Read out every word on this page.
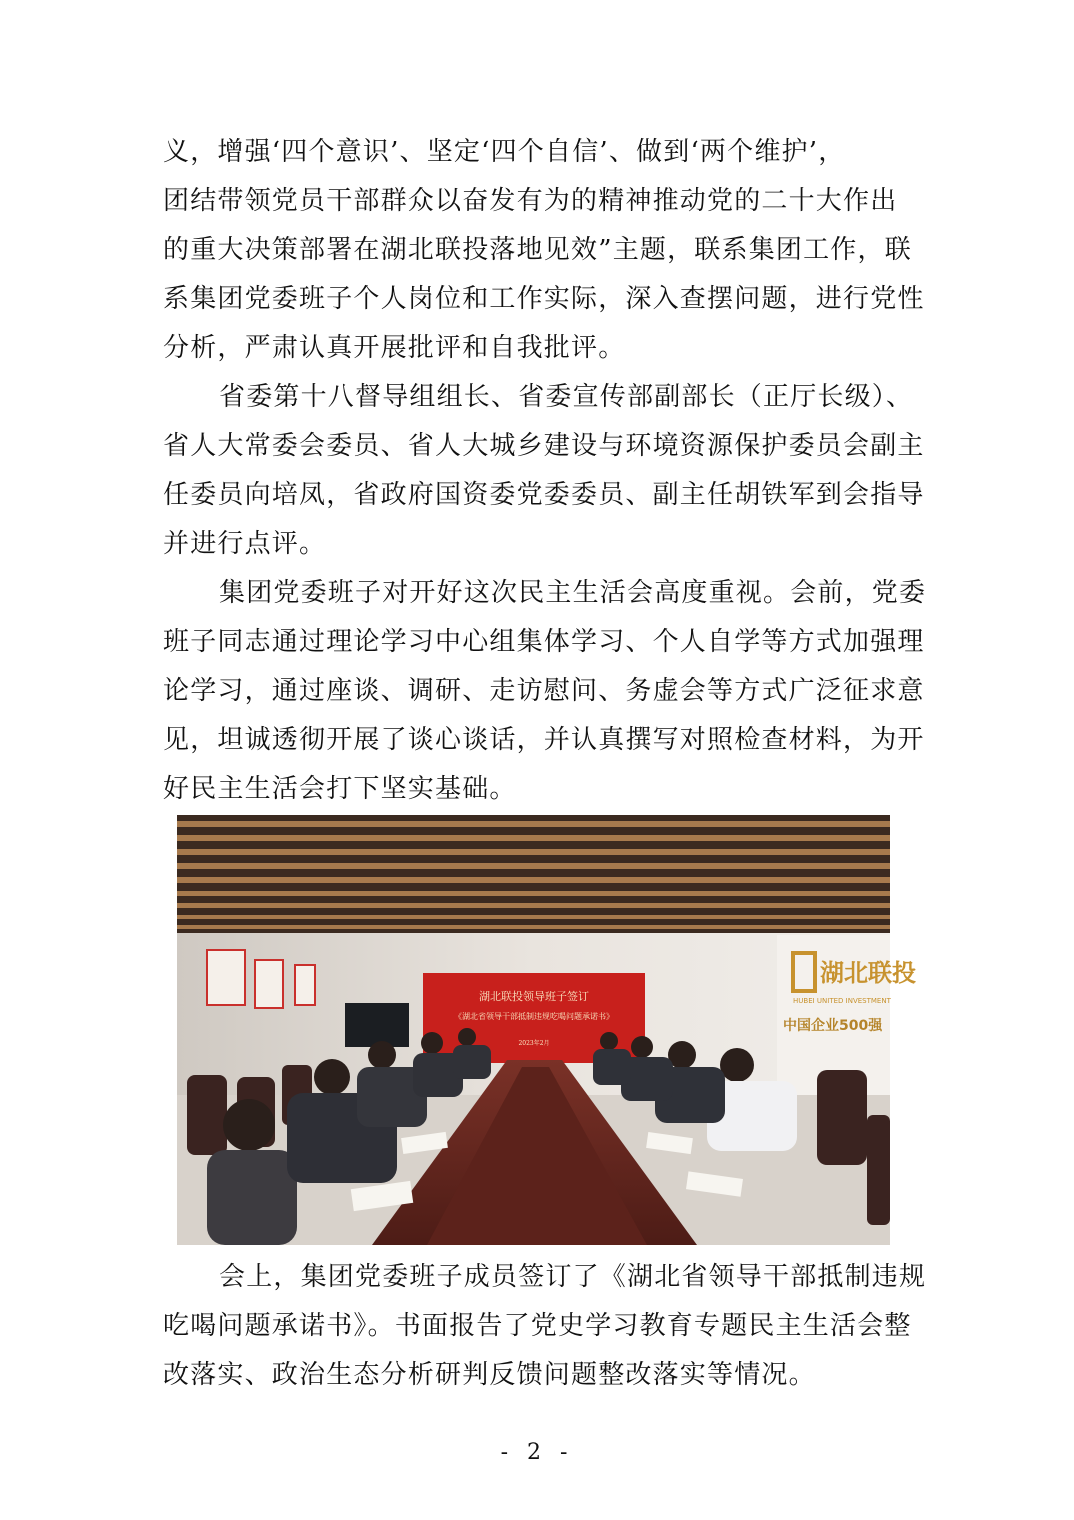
义，增强‘四个意识’、坚定‘四个自信’、做到‘两个维护’，
团结带领党员干部群众以奋发有为的精神推动党的二十大作出
的重大决策部署在湖北联投落地见效”主题，联系集团工作，联
系集团党委班子个人岗位和工作实际，深入查摆问题，进行党性
分析，严肃认真开展批评和自我批评。
省委第十八督导组组长、省委宣传部副部长（正厅长级）、
省人大常委会委员、省人大城乡建设与环境资源保护委员会副主
任委员向培凤，省政府国资委党委委员、副主任胡铁军到会指导
并进行点评。
集团党委班子对开好这次民主生活会高度重视。会前，党委
班子同志通过理论学习中心组集体学习、个人自学等方式加强理
论学习，通过座谈、调研、走访慰问、务虚会等方式广泛征求意
见，坦诚透彻开展了谈心谈话，并认真撰写对照检查材料，为开
好民主生活会打下坚实基础。
湖北联投领导班子签订
《湖北省领导干部抵制违规吃喝问题承诺书》
2023年2月
湖北联投
HUBEI UNITED INVESTMENT
中国企业500强
会上，集团党委班子成员签订了《湖北省领导干部抵制违规
吃喝问题承诺书》。书面报告了党史学习教育专题民主生活会整
改落实、政治生态分析研判反馈问题整改落实等情况。
- 2 -
